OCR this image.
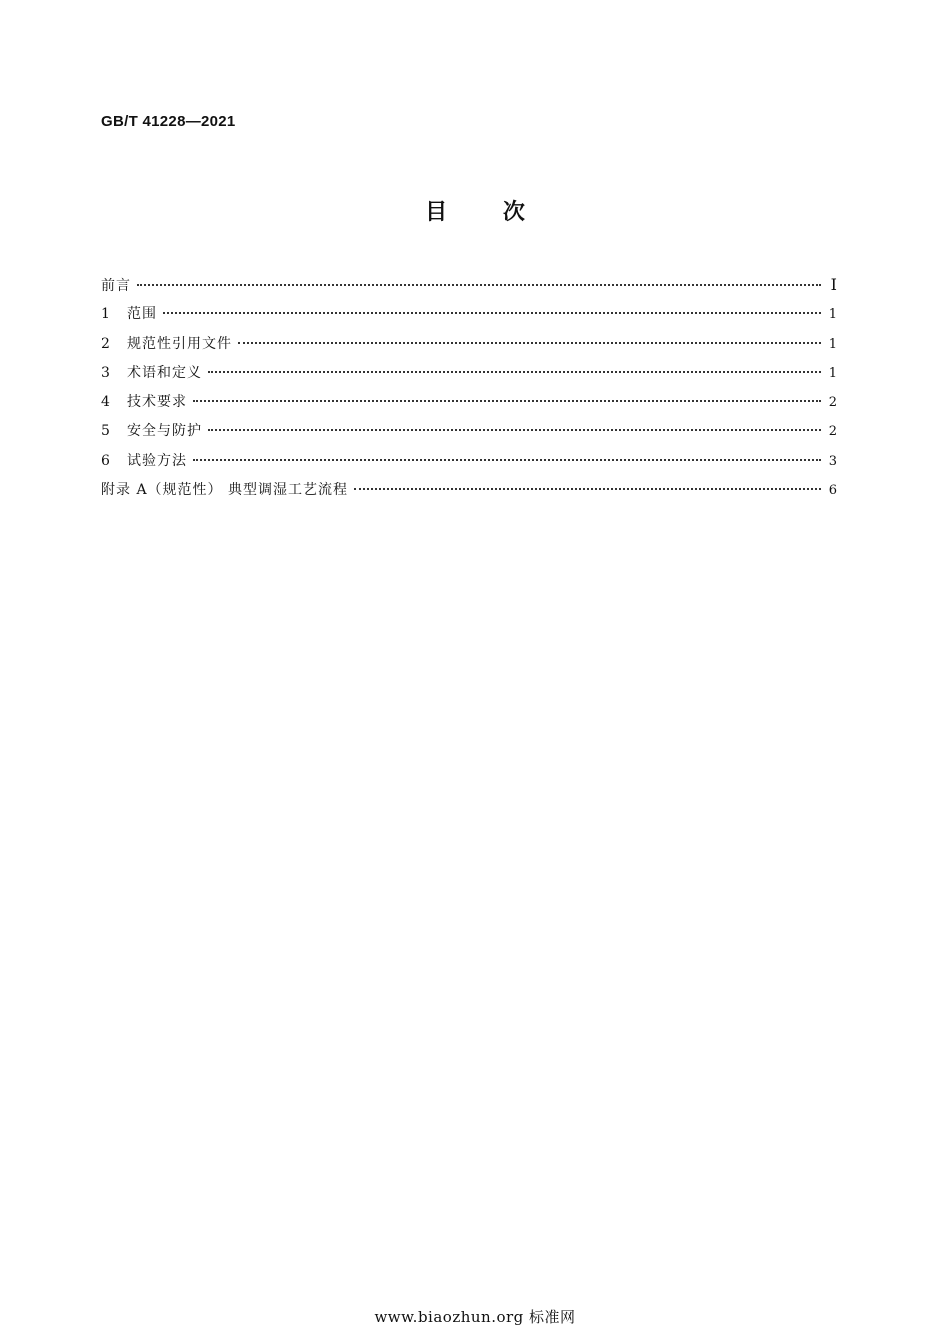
GB/T 41228—2021
目 次
前言	I
1	范围	1
2	规范性引用文件	1
3	术语和定义	1
4	技术要求	2
5	安全与防护	2
6	试验方法	3
附录 A（规范性） 典型调湿工艺流程	6
www.biaozhun.org 标准网
